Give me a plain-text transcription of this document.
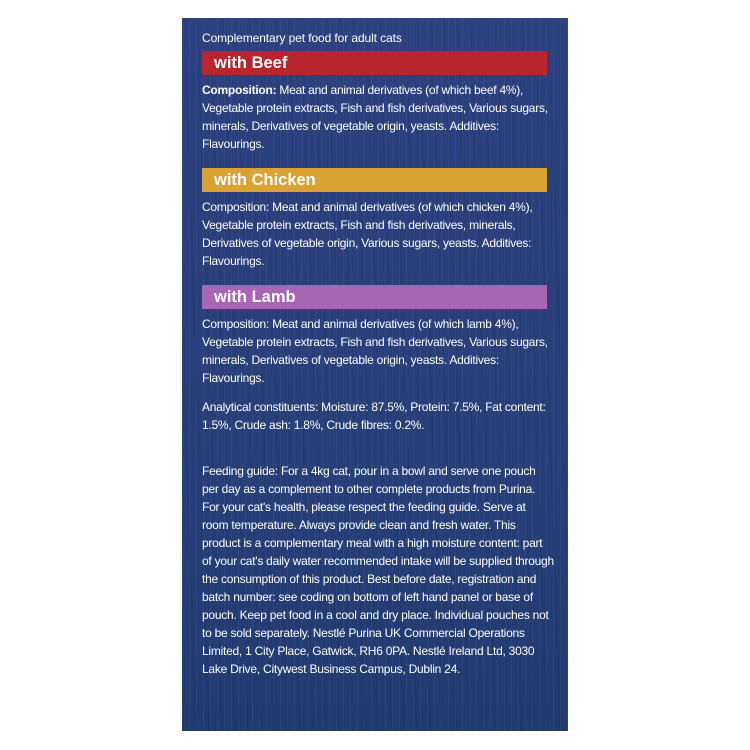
Complementary pet food for adult cats
with Beef
Composition: Meat and animal derivatives (of which beef 4%), Vegetable protein extracts, Fish and fish derivatives, Various sugars, minerals, Derivatives of vegetable origin, yeasts. Additives: Flavourings.
with Chicken
Composition: Meat and animal derivatives (of which chicken 4%), Vegetable protein extracts, Fish and fish derivatives, minerals, Derivatives of vegetable origin, Various sugars, yeasts. Additives: Flavourings.
with Lamb
Composition: Meat and animal derivatives (of which lamb 4%), Vegetable protein extracts, Fish and fish derivatives, Various sugars, minerals, Derivatives of vegetable origin, yeasts. Additives: Flavourings.
Analytical constituents: Moisture: 87.5%, Protein: 7.5%, Fat content: 1.5%, Crude ash: 1.8%, Crude fibres: 0.2%.
Feeding guide: For a 4kg cat, pour in a bowl and serve one pouch per day as a complement to other complete products from Purina. For your cat's health, please respect the feeding guide. Serve at room temperature. Always provide clean and fresh water. This product is a complementary meal with a high moisture content: part of your cat's daily water recommended intake will be supplied through the consumption of this product. Best before date, registration and batch number: see coding on bottom of left hand panel or base of pouch. Keep pet food in a cool and dry place. Individual pouches not to be sold separately. Nestlé Purina UK Commercial Operations Limited, 1 City Place, Gatwick, RH6 0PA. Nestlé Ireland Ltd, 3030 Lake Drive, Citywest Business Campus, Dublin 24.
